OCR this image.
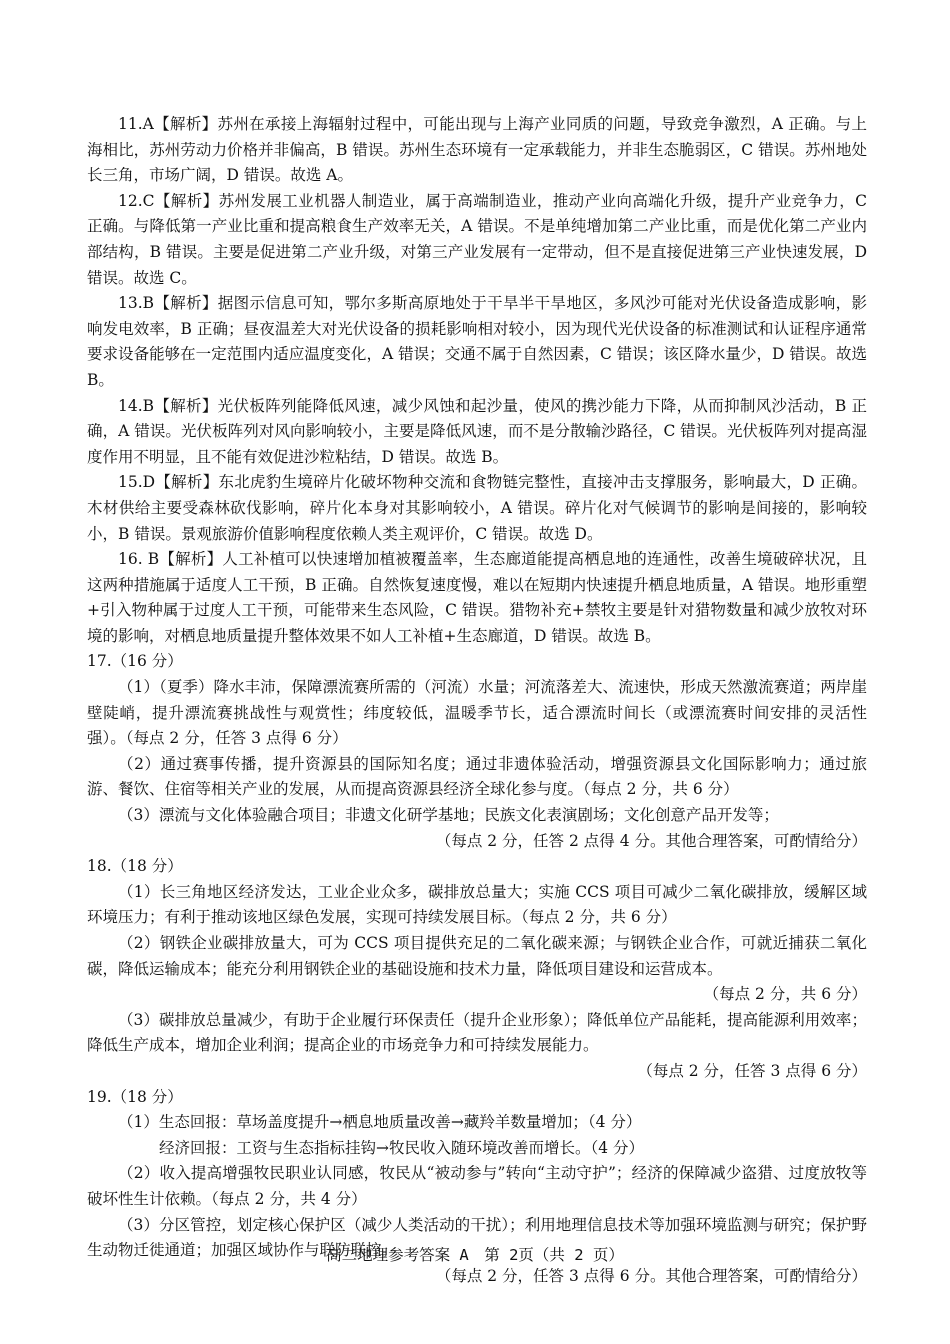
11.A【解析】苏州在承接上海辐射过程中，可能出现与上海产业同质的问题，导致竞争激烈，A 正确。与上海相比，苏州劳动力价格并非偏高，B 错误。苏州生态环境有一定承载能力，并非生态脆弱区，C 错误。苏州地处长三角，市场广阔，D 错误。故选 A。

12.C【解析】苏州发展工业机器人制造业，属于高端制造业，推动产业向高端化升级，提升产业竞争力，C 正确。与降低第一产业比重和提高粮食生产效率无关，A 错误。不是单纯增加第二产业比重，而是优化第二产业内部结构，B 错误。主要是促进第二产业升级，对第三产业发展有一定带动，但不是直接促进第三产业快速发展，D 错误。故选 C。

13.B【解析】据图示信息可知，鄂尔多斯高原地处于干旱半干旱地区，多风沙可能对光伏设备造成影响，影响发电效率，B 正确；昼夜温差大对光伏设备的损耗影响相对较小，因为现代光伏设备的标准测试和认证程序通常要求设备能够在一定范围内适应温度变化，A 错误；交通不属于自然因素，C 错误；该区降水量少，D 错误。故选 B。

14.B【解析】光伏板阵列能降低风速，减少风蚀和起沙量，使风的携沙能力下降，从而抑制风沙活动，B 正确，A 错误。光伏板阵列对风向影响较小，主要是降低风速，而不是分散输沙路径，C 错误。光伏板阵列对提高湿度作用不明显，且不能有效促进沙粒粘结，D 错误。故选 B。

15.D【解析】东北虎豹生境碎片化破坏物种交流和食物链完整性，直接冲击支撑服务，影响最大，D 正确。木材供给主要受森林砍伐影响，碎片化本身对其影响较小，A 错误。碎片化对气候调节的影响是间接的，影响较小，B 错误。景观旅游价值影响程度依赖人类主观评价，C 错误。故选 D。

16. B【解析】人工补植可以快速增加植被覆盖率，生态廊道能提高栖息地的连通性，改善生境破碎状况，且这两种措施属于适度人工干预，B 正确。自然恢复速度慢，难以在短期内快速提升栖息地质量，A 错误。地形重塑+引入物种属于过度人工干预，可能带来生态风险，C 错误。猎物补充+禁牧主要是针对猎物数量和减少放牧对环境的影响，对栖息地质量提升整体效果不如人工补植+生态廊道，D 错误。故选 B。

17.（16 分）

（1）（夏季）降水丰沛，保障漂流赛所需的（河流）水量；河流落差大、流速快，形成天然激流赛道；两岸崖壁陡峭，提升漂流赛挑战性与观赏性；纬度较低，温暖季节长，适合漂流时间长（或漂流赛时间安排的灵活性强）。（每点 2 分，任答 3 点得 6 分）

（2）通过赛事传播，提升资源县的国际知名度；通过非遗体验活动，增强资源县文化国际影响力；通过旅游、餐饮、住宿等相关产业的发展，从而提高资源县经济全球化参与度。（每点 2 分，共 6 分）

（3）漂流与文化体验融合项目；非遗文化研学基地；民族文化表演剧场；文化创意产品开发等；

（每点 2 分，任答 2 点得 4 分。其他合理答案，可酌情给分）

18.（18 分）

（1）长三角地区经济发达，工业企业众多，碳排放总量大；实施 CCS 项目可减少二氧化碳排放，缓解区域环境压力；有利于推动该地区绿色发展，实现可持续发展目标。（每点 2 分，共 6 分）

（2）钢铁企业碳排放量大，可为 CCS 项目提供充足的二氧化碳来源；与钢铁企业合作，可就近捕获二氧化碳，降低运输成本；能充分利用钢铁企业的基础设施和技术力量，降低项目建设和运营成本。

（每点 2 分，共 6 分）

（3）碳排放总量减少，有助于企业履行环保责任（提升企业形象）；降低单位产品能耗，提高能源利用效率；降低生产成本，增加企业利润；提高企业的市场竞争力和可持续发展能力。

（每点 2 分，任答 3 点得 6 分）

19.（18 分）

（1）生态回报：草场盖度提升→栖息地质量改善→藏羚羊数量增加；（4 分）

经济回报：工资与生态指标挂钩→牧民收入随环境改善而增长。（4 分）

（2）收入提高增强牧民职业认同感，牧民从“被动参与”转向“主动守护”；经济的保障减少盗猎、过度放牧等破坏性生计依赖。（每点 2 分，共 4 分）

（3）分区管控，划定核心保护区（减少人类活动的干扰）；利用地理信息技术等加强环境监测与研究；保护野生动物迁徙通道；加强区域协作与联防联控。

（每点 2 分，任答 3 点得 6 分。其他合理答案，可酌情给分）

高二地理参考答案 A　第 2页（共 2 页）
